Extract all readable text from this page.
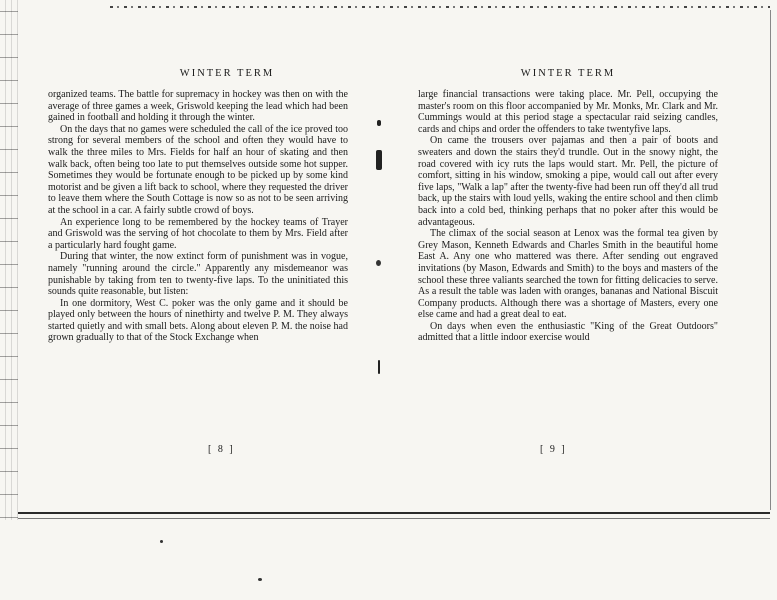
WINTER TERM

organized teams. The battle for supremacy in hockey was then on with the average of three games a week, Griswold keeping the lead which had been gained in football and holding it through the winter.

On the days that no games were scheduled the call of the ice proved too strong for several members of the school and often they would have to walk the three miles to Mrs. Fields for half an hour of skating and then walk back, often being too late to put themselves outside some hot supper. Sometimes they would be fortunate enough to be picked up by some kind motorist and be given a lift back to school, where they requested the driver to leave them where the South Cottage is now so as not to be seen arriving at the school in a car. A fairly subtle crowd of boys.

An experience long to be remembered by the hockey teams of Trayer and Griswold was the serving of hot chocolate to them by Mrs. Field after a particularly hard fought game.

During that winter, the now extinct form of punishment was in vogue, namely "running around the circle." Apparently any misdemeanor was punishable by taking from ten to twenty-five laps. To the uninitiated this sounds quite reasonable, but listen:

In one dormitory, West C. poker was the only game and it should be played only between the hours of ninethirty and twelve P. M. They always started quietly and with small bets. Along about eleven P. M. the noise had grown gradually to that of the Stock Exchange when

WINTER TERM

large financial transactions were taking place. Mr. Pell, occupying the master's room on this floor accompanied by Mr. Monks, Mr. Clark and Mr. Cummings would at this period stage a spectacular raid seizing candles, cards and chips and order the offenders to take twentyfive laps.

On came the trousers over pajamas and then a pair of boots and sweaters and down the stairs they'd trundle. Out in the snowy night, the road covered with icy ruts the laps would start. Mr. Pell, the picture of comfort, sitting in his window, smoking a pipe, would call out after every five laps, "Walk a lap" after the twenty-five had been run off they'd all trud back, up the stairs with loud yells, waking the entire school and then climb back into a cold bed, thinking perhaps that no poker after this would be advantageous.

The climax of the social season at Lenox was the formal tea given by Grey Mason, Kenneth Edwards and Charles Smith in the beautiful home East A. Any one who mattered was there. After sending out engraved invitations (by Mason, Edwards and Smith) to the boys and masters of the school these three valiants searched the town for fitting delicacies to serve. As a result the table was laden with oranges, bananas and National Biscuit Company products. Although there was a shortage of Masters, every one else came and had a great deal to eat.

On days when even the enthusiastic "King of the Great Outdoors" admitted that a little indoor exercise would

[ 8 ]	[ 9 ]
